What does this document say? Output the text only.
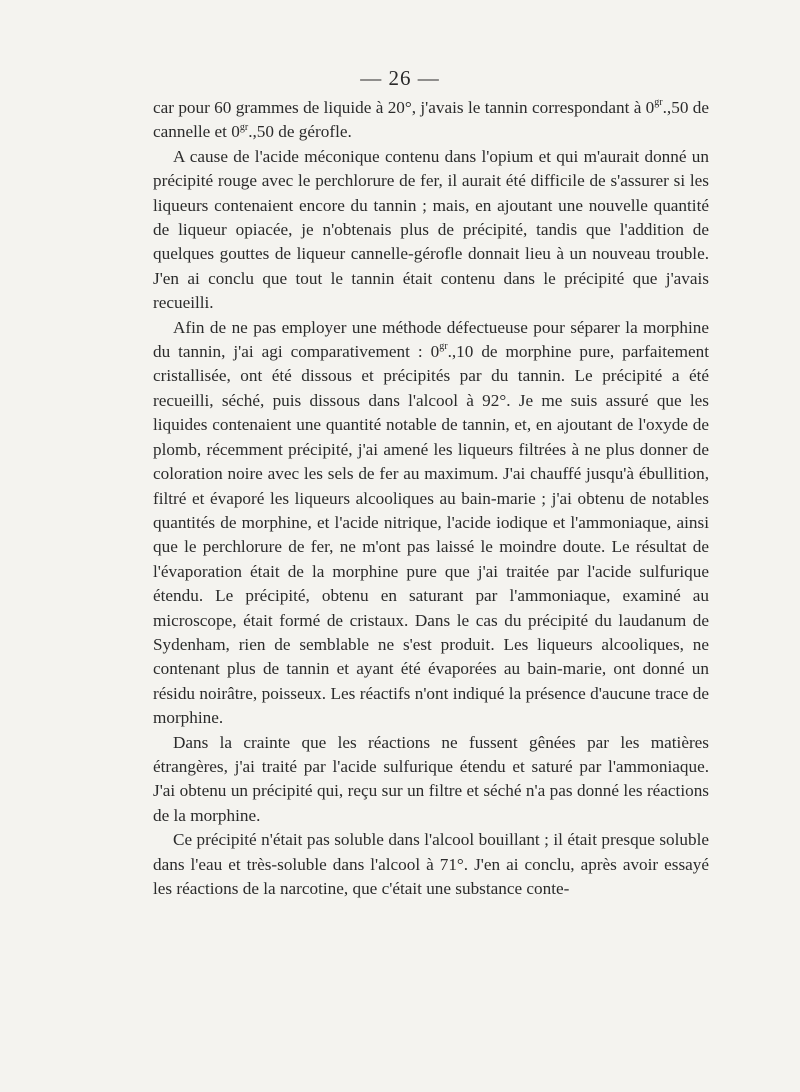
— 26 —

car pour 60 grammes de liquide à 20°, j'avais le tannin correspondant à $0^{gr}.,50$ de cannelle et $0^{gr}.,50$ de gérofle.

A cause de l'acide méconique contenu dans l'opium et qui m'aurait donné un précipité rouge avec le perchlorure de fer, il aurait été difficile de s'assurer si les liqueurs contenaient encore du tannin ; mais, en ajoutant une nouvelle quantité de liqueur opiacée, je n'obtenais plus de précipité, tandis que l'addition de quelques gouttes de liqueur cannelle-gérofle donnait lieu à un nouveau trouble. J'en ai conclu que tout le tannin était contenu dans le précipité que j'avais recueilli.

Afin de ne pas employer une méthode défectueuse pour séparer la morphine du tannin, j'ai agi comparativement : $0^{gr}.,10$ de morphine pure, parfaitement cristallisée, ont été dissous et précipités par du tannin. Le précipité a été recueilli, séché, puis dissous dans l'alcool à 92°. Je me suis assuré que les liquides contenaient une quantité notable de tannin, et, en ajoutant de l'oxyde de plomb, récemment précipité, j'ai amené les liqueurs filtrées à ne plus donner de coloration noire avec les sels de fer au maximum. J'ai chauffé jusqu'à ébullition, filtré et évaporé les liqueurs alcooliques au bain-marie ; j'ai obtenu de notables quantités de morphine, et l'acide nitrique, l'acide iodique et l'ammoniaque, ainsi que le perchlorure de fer, ne m'ont pas laissé le moindre doute. Le résultat de l'évaporation était de la morphine pure que j'ai traitée par l'acide sulfurique étendu. Le précipité, obtenu en saturant par l'ammoniaque, examiné au microscope, était formé de cristaux. Dans le cas du précipité du laudanum de Sydenham, rien de semblable ne s'est produit. Les liqueurs alcooliques, ne contenant plus de tannin et ayant été évaporées au bain-marie, ont donné un résidu noirâtre, poisseux. Les réactifs n'ont indiqué la présence d'aucune trace de morphine.

Dans la crainte que les réactions ne fussent gênées par les matières étrangères, j'ai traité par l'acide sulfurique étendu et saturé par l'ammoniaque. J'ai obtenu un précipité qui, reçu sur un filtre et séché n'a pas donné les réactions de la morphine.

Ce précipité n'était pas soluble dans l'alcool bouillant ; il était presque soluble dans l'eau et très-soluble dans l'alcool à 71°. J'en ai conclu, après avoir essayé les réactions de la narcotine, que c'était une substance conte-
